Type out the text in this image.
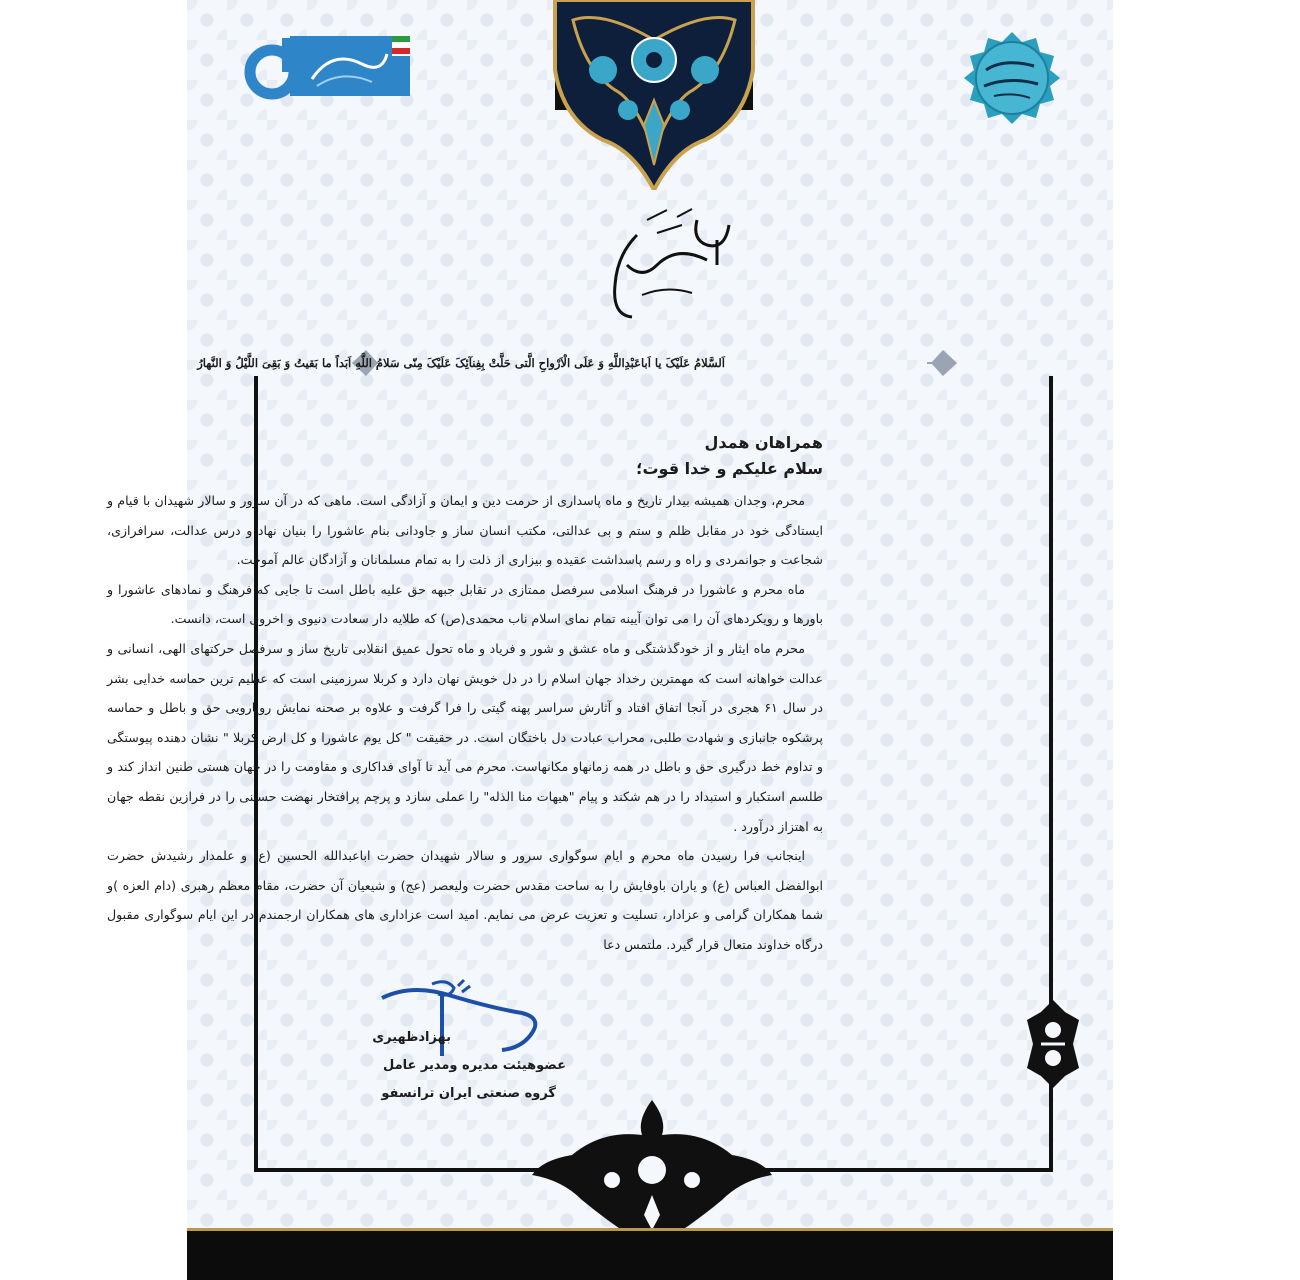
اَلسَّلامُ عَلَیْکَ یا اَباعَبْدِاللَّهِ وَ عَلَى الْاَرْواحِ الَّتى حَلَّتْ بِفِنآئِکَ عَلَیْکَ مِنّى سَلامُ اللَّهِ اَبَداً ما بَقیتُ وَ بَقِىَ اللَّیْلُ وَ النَّهارُ
همراهان همدل
سلام علیکم و خدا قوت؛

محرم، وجدان همیشه بیدار تاریخ و ماه پاسداری از حرمت دین و ایمان و آزادگی است. ماهی که در آن سرور و سالار شهیدان با قیام و ایستادگی خود در مقابل ظلم و ستم و بی عدالتی، مکتب انسان ساز و جاودانی بنام عاشورا را بنیان نهاد و درس عدالت، سرافرازی، شجاعت و جوانمردی و راه و رسم پاسداشت عقیده و بیزاری از ذلت را به تمام مسلمانان و آزادگان عالم آموخت.

ماه محرم و عاشورا در فرهنگ اسلامی سرفصل ممتازی در تقابل جبهه حق علیه باطل است تا جایی که فرهنگ و نمادهای عاشورا و باورها و رویکردهای آن را می توان آیینه تمام نمای اسلام ناب محمدی(ص) که طلایه دار سعادت دنیوی و اخروی است، دانست.

محرم ماه ایثار و از خودگذشتگی و ماه عشق و شور و فریاد و ماه تحول عمیق انقلابی تاریخ ساز و سرفصل حرکتهای الهی، انسانی و عدالت خواهانه است که مهمترین رخداد جهان اسلام را در دل خویش نهان دارد و کربلا سرزمینی است که عظیم ترین حماسه خدایی بشر در سال ۶۱ هجری در آنجا اتفاق افتاد و آثارش سراسر پهنه گیتی را فرا گرفت و علاوه بر صحنه نمایش رویارویی حق و باطل و حماسه پرشکوه جانبازی و شهادت طلبی، محراب عبادت دل باختگان است. در حقیقت " کل یوم عاشورا و کل ارض کربلا " نشان دهنده پیوستگی و تداوم خط درگیری حق و باطل در همه زمانهاو مکانهاست. محرم می آید تا آوای فداکاری و مقاومت را در جهان هستی طنین انداز کند و طلسم استکبار و استبداد را در هم شکند و پیام "هیهات منا الذله" را عملی سازد و پرچم پرافتخار نهضت حسینی را در فرازین نقطه جهان به اهتزاز درآورد .

اینجانب فرا رسیدن ماه محرم و ایام سوگواری سرور و سالار شهیدان حضرت اباعبدالله الحسین (ع) و علمدار رشیدش حضرت ابوالفضل العباس (ع) و یاران باوفایش را به ساحت مقدس حضرت ولیعصر (عج) و شیعیان آن حضرت، مقام معظم رهبری (دام العزه )و شما همکاران گرامی و عزادار، تسلیت و تعزیت عرض می نمایم. امید است عزاداری های همکاران ارجمندم در این ایام سوگواری مقبول درگاه خداوند متعال قرار گیرد. ملتمس دعا

بهزادظهیری
عضوهیئت مدیره ومدیر عامل
گروه صنعتی ایران ترانسفو
